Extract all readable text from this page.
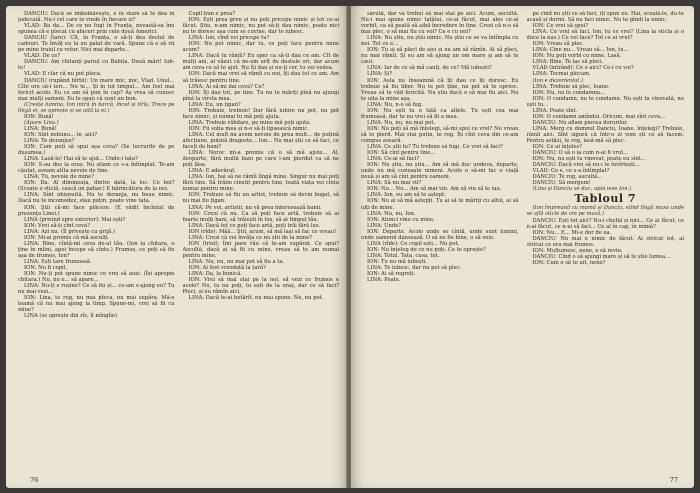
DANCIU: Dacă se îmbolnăvește, e în stare să te dea în judecată. Nu-i cel care te vinde în fiecare zi?

VLAD: Ba da... De ce nu fugi în Franța, nevastă-sa îmi spunea că e plecat cu afaceri prin cele două Americi.

DANCIU (tare): Cît, în Franța, o să-ți dea destul de cadouri. Te învăț eu la un palat de vară. Spune că o să vii pe mine traiul cu retur. Nici mai departe...

VLAD: De ce?

DANCIU: Am chitanți pariul cu Babița. Două mări! Iub-te!

VLAD: E clar că nu pot pleca.

DANCIU (rupând hîrtii): Un mare mic, mic, Vlad. Unul... Cîte ore să-i ieri... Nu te... Și în tot timpul... Am fost mai fericit acolo. Eu ce am să pun în cap? Aș vrea să cunosc mai mulți oameni. Eu le spun că sunt un bun.

(Creste lumina. Ion intră în barcă, încet și tîrîș. Trece pe lîngă ei, se oprește și se uită la ei.)

ION: Bună!

(Apare Lina.)

LINA: Bună!

ION: Sînt nebunu... în, aici?

LINA: Te deranjez?

ION: Cum poți să spui așa ceva? (Se lucrurile de pe dușumea.)

LINA: Lasă-lo! Hai să te ajut... Unde-i tata?

ION: S-au dus la oraș. Nu știam ce s-a întîmplat. Te-am căutat, aveam atîta nevoie de tine.

LINA: Tu, nevoie de mine?

ION: Da. Al dimineața, dintre dată, la loc. Ce bei? (Scoate o sticlă, cască un pahar.) E hărnicătura de la noi.

LINA: Sînt obișnuită. Nu te deranja, nu beau nimic. Dacă nu te incomodez, stau puțin, poate vine tata.

ION: Știi că-mi face plăcere. (E vădit încîntat de prezența Linei.)

LINA (privind spre exterior): Mai ești?

ION: Vrei să-ți cînt ceva?

LINA: Azi nu. (Îl privește cu grijă.)

ION: Mi-ai promis că mă asculți.

LINA: Bine, cîntă-mi ceva de-al tău. (Ion ia chitara, o ține în mîini, apoi începe să cînte.) Frumos, ce poți să fie așa de frumos, Ion?

LINA: Ești tare frumoasă.

ION: Nu fi copil.

ION: Nu-ți pot spune nimic ce vrei să auzi. (Își apropie chitara.) Nu, nu e... să apare...

LINA: Nu-ți e rușine? Ce să fiu și... ce-am s-ajung eu? Tu nu mai vezi...

ION: Lina, te rog, nu mai pleca, nu mai supăra. Mă-e teamă că nu mai ajung la timp. Spune-mi, vrei să fii cu mine?

LINA (se oprește din rîs, îl mîngîie)

Copil bun e prea?

ION: Ești prea greu și nu poți pricepe nimic și tot ce-ai făcut. Știu, n-am nimic, nu pot să-ți dau nimic, poate nici nu te doresc așa cum se cuvine, dar te iubesc.

LINA: Ion, cînd vei pricepe tu?

ION: Nu pot nimic, dar tu, ce poți face pentru mine acum?

LINA: Dacă tu rămîi? Eu sper ca să-ți dau ce am. Cît de mulți ani, ai văzut că ne-am urît de destule ori, dar acum am ceva ce să te ajut. Nu îți dau și nu-ți cer, tu vei vedea.

ION: Dacă mai vrei să rămîi cu noi, îți dau tot ce am. Am să trăiesc pentru tine.

LINA: Ai să-mi dai ceva? Ce?

ION: Îți dau tot, pe tine. Tu nu te măriți pînă nu ajungi pînă la vîrsta mea.

LINA: Eu, un țigan?

ION: Trebuie, trebuie! Dar fără iubire nu pot, nu pot face nimic, și numai tu mă poți ajuta.

LINA: Trebuie răbdare, pe mine mă poți ajuta.

ION: Fii soția mea și n-o să-ți lipsească nimic.

LINA: Cel mult nu avem nevoie de prea mult... de puțină afecțiune, puțină dragoste... Ion... Nu mai știi ce să faci, ce faceți de bani?

LINA: Noroc mi-a promis că o să mă ajute... Al, deoparte, fără multă bani pe care i-am pierdut ca să ne poți lăsa.

LINA: E adevărat.

LINA: Ion, hai să ne rămîi lîngă mine. Singur nu mai poți fără tine. Să trăim cinstit pentru tine, toată viața vei cînta numai pentru mine.

ION: Trebuie să fiu un artist, trebuie să devin bogat, să nu mai fiu țigan.

LINA: Pe voi, artiștii, nu vă prea interesează banii.

ION: Crezi că nu. Ca să poți face artă, trebuie să ai foarte mulți bani, să trăiești în lux, să ai timpul tău.

LINA: Dacă tot ce poți face artă, poți trăi fără lux.

ION (rîde): Măă... Știi, acum, să mă lași să fac ce vreau!

LINA: Crezi că vei învăța ce nu știi de la mine?

ION (trist): Îmi pare rău că te-am supărat. Ce spui? Ascultă, dacă ai să fii cu mine, vreau să te am numai pentru mine.

LINA: Nu, nu, nu mai pot să fiu a ta.

ION: Ai fost vreodată la țară?

LINA: Da, la bunică.

ION: Vrei să mai stai pe la noi, să vezi ce frumos e acolo? Nu, tu nu poți, tu ești de la oraș, dar ce să faci? Pleci, și eu rămîn aici.

LINA: Dacă te-ai hotărît, nu mai spune. Nu, nu pot.

76

sărută, dar va trebui să mai stai pe aici. Acum, ascultă. Nu-i mai spune nimic tatălui, ce-ai făcut, mai ales ce-ai vorbit, ca să poată să aibă încredere în tine. Crezi că n-o să mai plec, o să mai fiu cu voi? Ce e cu noi?

LINA: Nu știu, nu știu nimic. Nu știu ce se va întîmpla cu noi. Tot ce e...

ION: Tu ai să pleci de aici și eu am să rămîn. Ai să pleci, nu mai rămîi. Și eu am să ajung un om mare și am să te caut.

LINA: Iar de ce să mă cauți, de ce? Mă iubești?

LINA: Și?

ION: Asta nu înseamnă că îți dau ce îți doresc. Eu trebuie să fiu liber. Nu te pot ține, nu pot să te opresc. Vreau să te văd fericită. Nu știu dacă o să mai fiu aici. Nu te uita la mine așa.

LINA: Nu, n-o să fug.

ION: Nu ești tu o fată ca altele. Tu ești cea mai frumoasă, dar tu nu vrei să fii a mea.

LINA: Nu, nu, nu mai pot.

ION: Nu poți să mă înțelegi, să-mi spui ce vrei? Nu vreau să te pierd. Mai stai puțin, te rog. Îți cînt ceva din ce-am compus aseară.

LINA: Ce știi tu? Tu trebuie să fugi. Ce vrei să faci?

ION: Să cînt pentru tine...

LINA: Ce-ai să faci?

ION: Nu știu, nu știu... Am să mă duc undeva, departe, unde nu mă cunoaște nimeni. Acolo o să-mi fac o viață nouă și am să cînt pentru oameni.

LINA: Să nu mai vii?

ION: Nu... Nu... Am să mai vin. Am să vin să te iau.

LINA: Ion, eu am să te aștept.

ION: Nu ai să mă aștepți. Tu ai să te măriți cu altul, ai să uiți de mine.

LINA: Nu, nu, Ion.

ION: Atunci vino cu mine.

LINA: Unde?

ION: Departe. Acolo unde se cîntă, unde sunt lumini, unde oamenii dansează. O să ne fie bine, o să vezi.

LINA (rîde): Ce copil ești... Nu pot.

ION: Nu înțeleg de ce nu poți. Ce te oprește?

LINA: Totul. Tata, casa, tot.

ION: Tu nu mă iubești.

LINA: Te iubesc, dar nu pot să plec.

ION: Ai să regreți.

LINA: Poate.

pe cînd nu știi ce să faci, îți spun eu. Hai, scoală-te, du-te acasă și dormi. Să nu faci nimic. Nu te gîndi la nimic.

ION: Ce vrei să spui?

LINA: Ce vrei să faci, Ion, tu ce vrei? (Lina ia sticla și o duce la nas.) Ce vei face? Tot ce ai vrut?

ION: Vreau să plec.

LINA: Cine nu... Vreau să... Ion, tu...

ION: Nu poți vorbi cu mine. Lasă.

LINA: Bine. Te las să pleci.

VLAD (intrând): Ce e aici? Ce-i cu voi?

LINA: Tocmai plecam.

(Ion e dezorientat.)

LINA: Trebuie să plec, Ioane.

ION: Nu, nu te condamna...

ION: O condamn, nu te condamn. Nu ești tu vinovată, nu ești tu...

LINA: Poate sînt.

ION: O condamn amîndoi. Oricum, mai sînt ceva...

DANCIU: Nu aflam piecea dorurilor.

LINA: Merg cu domnul Danciu, Ioane, înțelegi? Trebuie, rămîi aici. Sînt sigură că într-o zi vom ști ce să facem. Pentru astăzi, te rog, lasă-mă să plec.

ION: Ce ai înțeles?

DANCIU: O să o ia cum n-ai fi vrut...

ION: Nu, nu ești tu vinovat, poate eu sînt...

DANCIU: Dacă vrei să nu-i te învîrtești...

VLAD: Ce e, ce s-a întîmplat?

DANCIU: Te rog, ascultă...

DANCIU: Să mergem!

(Lina și Danciu se duc, apoi iese Ion.)

Tabloul 7

(Ion împreună cu mamă și Danciu, stînd lîngă masa unde se află sticle de vin pe masă.)

DANCIU: Ești tot aici? Nu-i cheful și nici... Ce ai făcut, ce n-ai făcut, ce n-ai să faci... Ce ai în cap, în inimă?

ION: Nu... E... Mi-e dor de ea.

DANCIU: Nu mai e nimic de făcut. Ai stricat tot, ai stricat ce era mai frumos.

ION: Mulțumesc, nene, o să revin.

DANCIU: Cînd o să ajungi mare și să te știe lumea...

ION: Cum o să te uit, nene?

77
